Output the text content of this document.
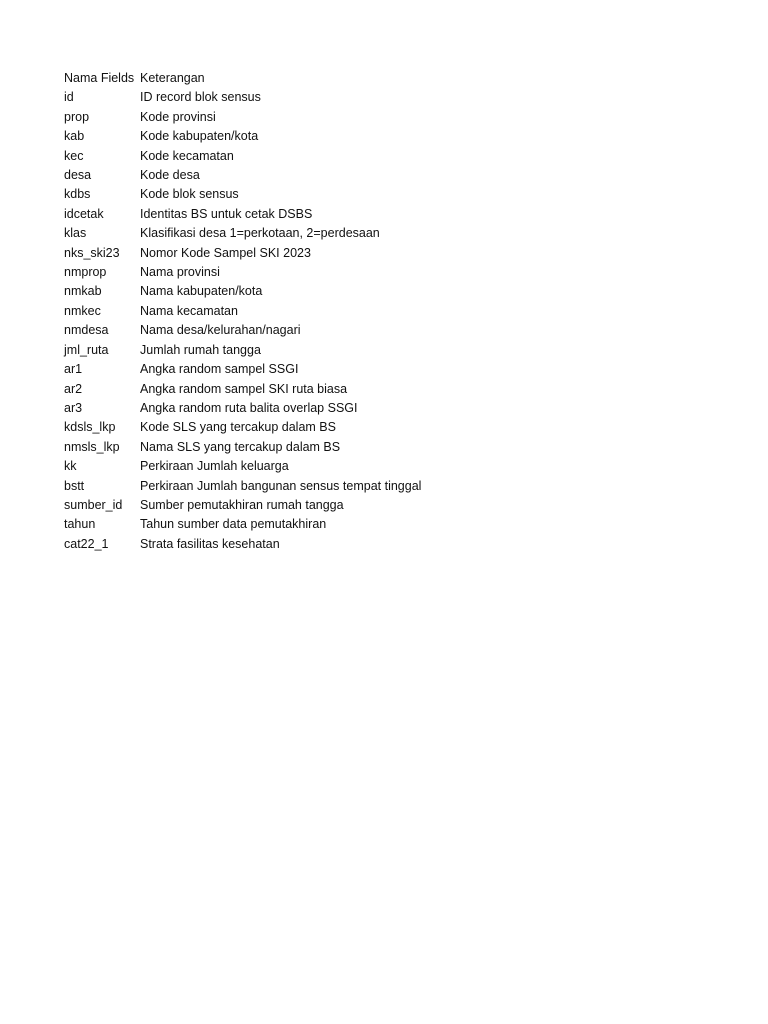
Nama Fields	Keterangan
id	ID record blok sensus
prop	Kode provinsi
kab	Kode kabupaten/kota
kec	Kode kecamatan
desa	Kode desa
kdbs	Kode blok sensus
idcetak	Identitas BS untuk cetak DSBS
klas	Klasifikasi desa 1=perkotaan, 2=perdesaan
nks_ski23	Nomor Kode Sampel SKI 2023
nmprop	Nama provinsi
nmkab	Nama kabupaten/kota
nmkec	Nama kecamatan
nmdesa	Nama desa/kelurahan/nagari
jml_ruta	Jumlah rumah tangga
ar1	Angka random sampel SSGI
ar2	Angka random sampel SKI ruta biasa
ar3	Angka random ruta balita overlap SSGI
kdsls_lkp	Kode SLS yang tercakup dalam BS
nmsls_lkp	Nama SLS yang tercakup dalam BS
kk	Perkiraan Jumlah keluarga
bstt	Perkiraan Jumlah bangunan sensus tempat tinggal
sumber_id	Sumber pemutakhiran rumah tangga
tahun	Tahun sumber data pemutakhiran
cat22_1	Strata fasilitas kesehatan
